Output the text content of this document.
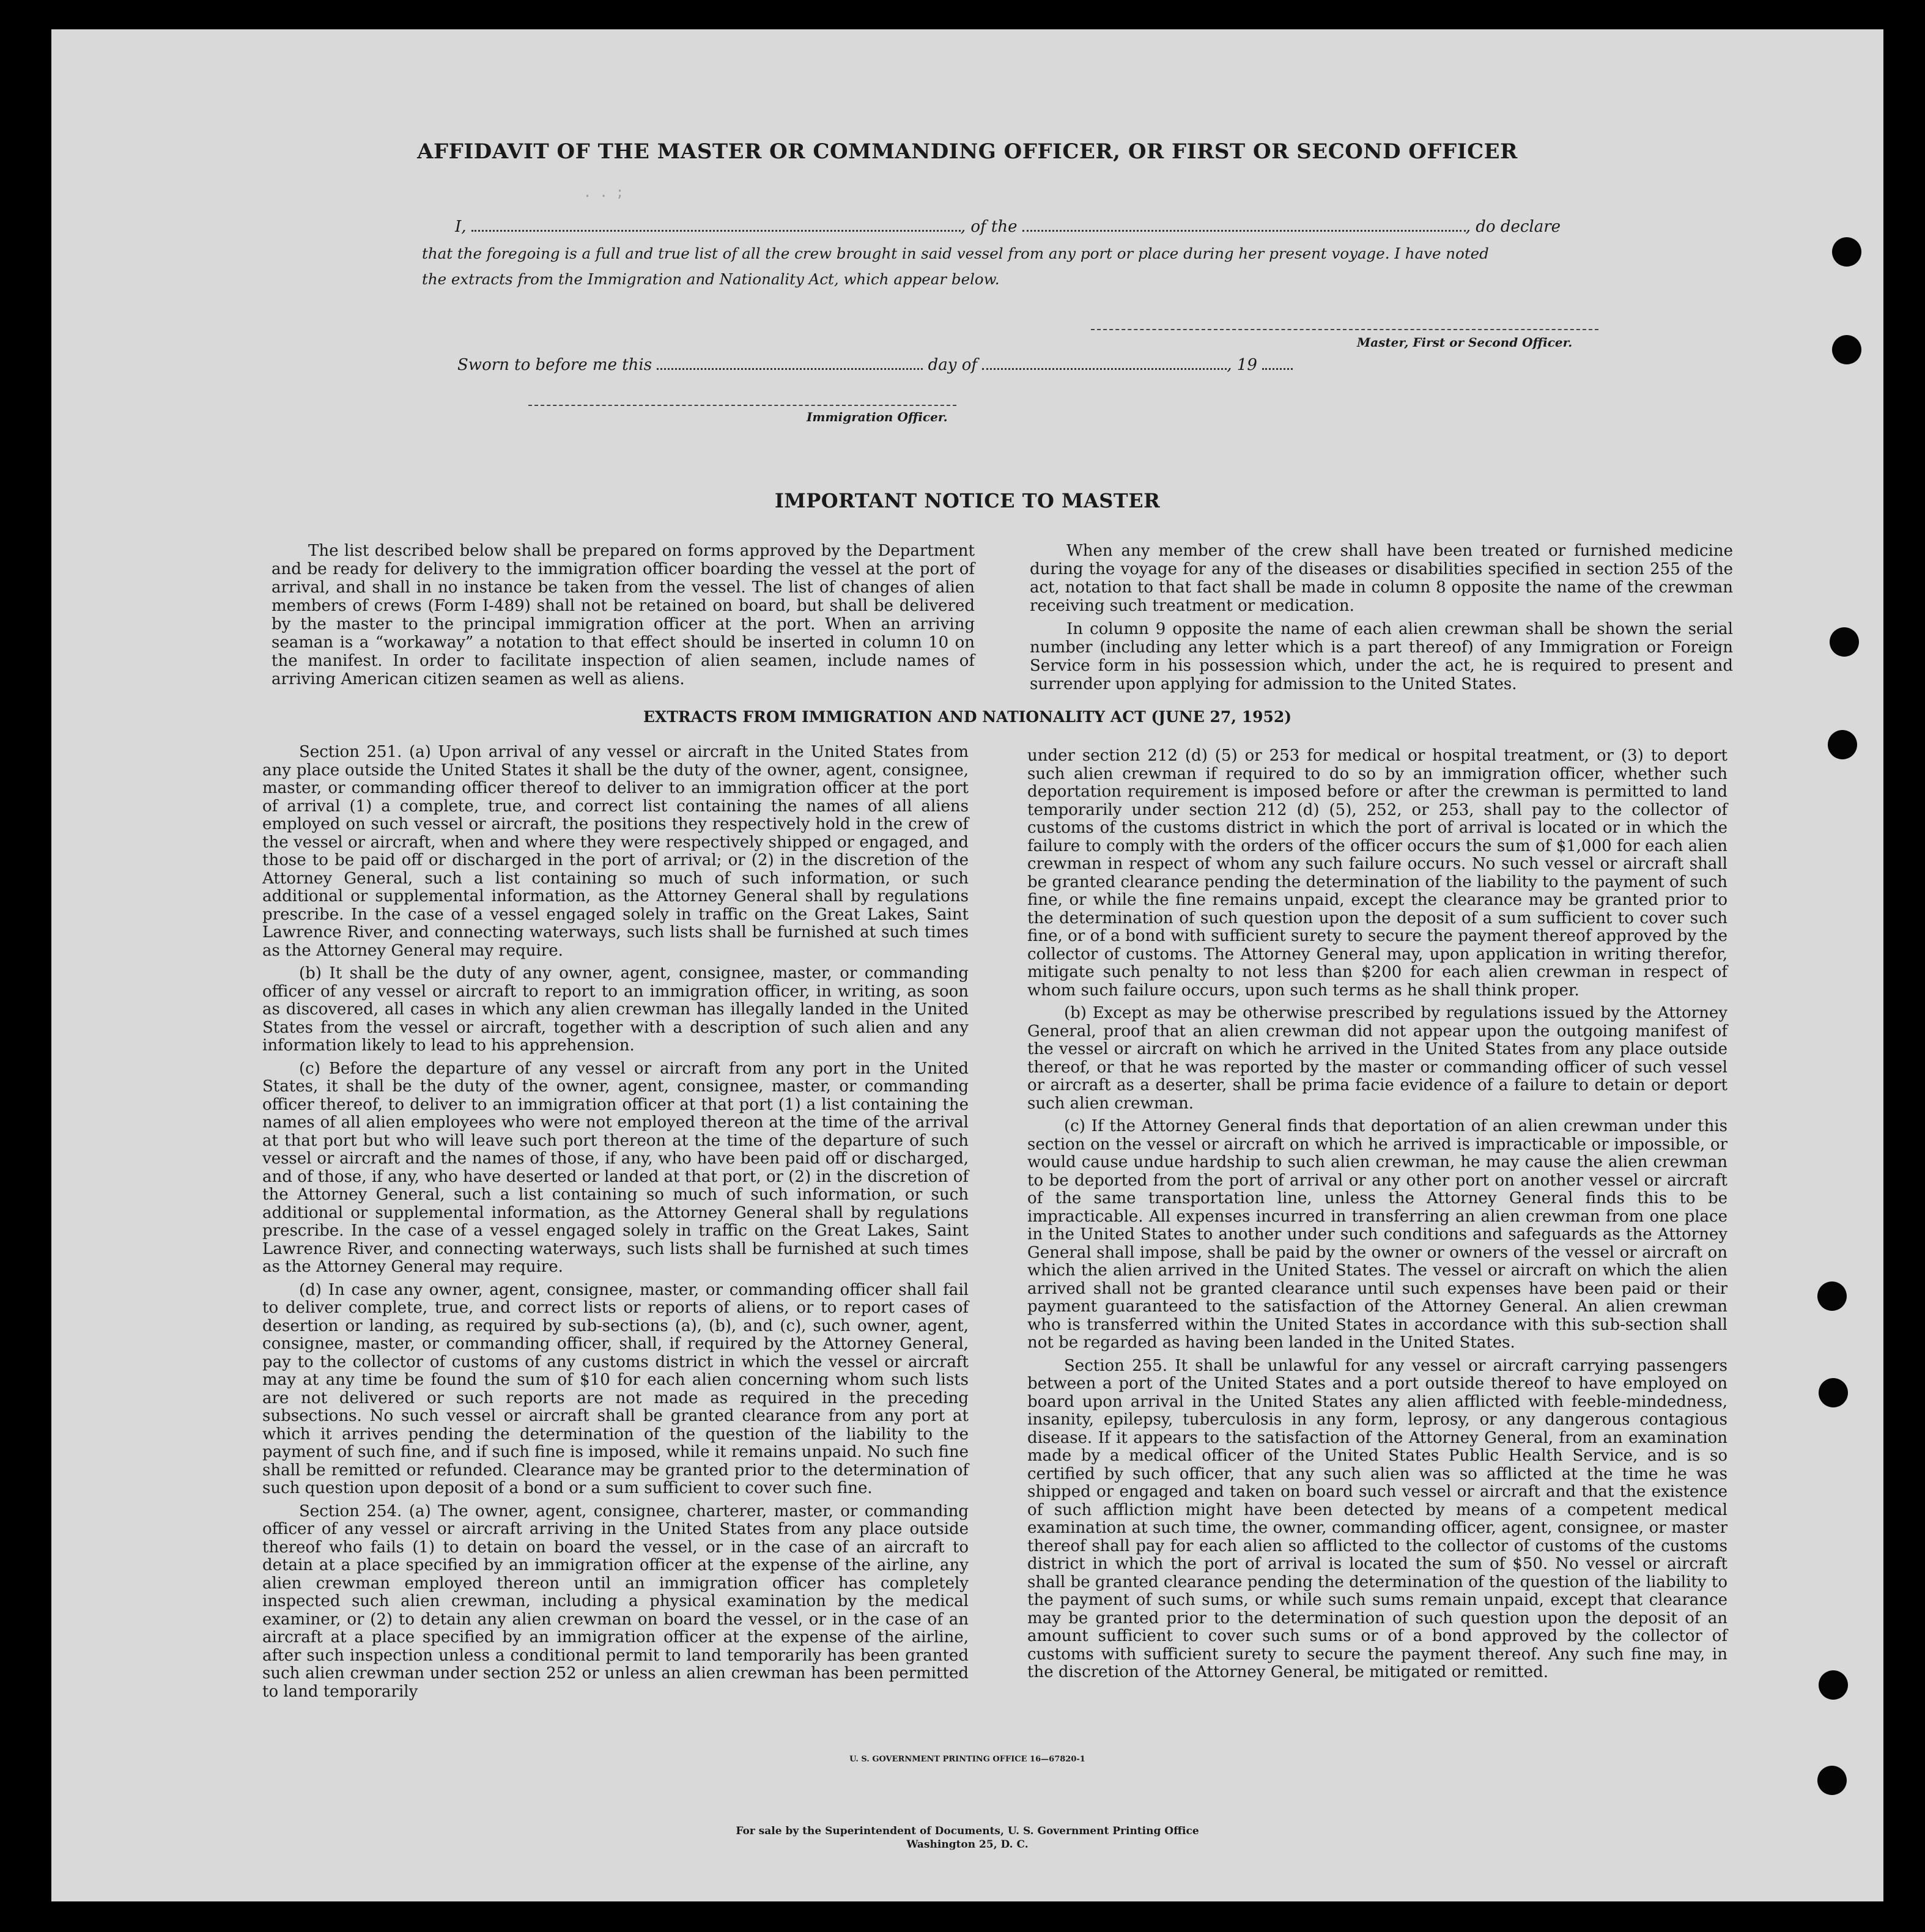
AFFIDAVIT OF THE MASTER OR COMMANDING OFFICER, OR FIRST OR SECOND OFFICER
. . ;
I,	, of the	, do declare
that the foregoing is a full and true list of all the crew brought in said vessel from any port or place during her present voyage. I have noted
the extracts from the Immigration and Nationality Act, which appear below.
Master, First or Second Officer.
Sworn to before me this	day of	, 19
Immigration Officer.
IMPORTANT NOTICE TO MASTER

The list described below shall be prepared on forms approved by the Department and be ready for delivery to the immigration officer boarding the vessel at the port of arrival, and shall in no instance be taken from the vessel. The list of changes of alien members of crews (Form I-489) shall not be retained on board, but shall be delivered by the master to the principal immigration officer at the port. When an arriving seaman is a “workaway” a notation to that effect should be inserted in column 10 on the manifest. In order to facilitate inspection of alien seamen, include names of arriving American citizen seamen as well as aliens.

When any member of the crew shall have been treated or furnished medicine during the voyage for any of the diseases or disabilities specified in section 255 of the act, notation to that fact shall be made in column 8 opposite the name of the crewman receiving such treatment or medication.

In column 9 opposite the name of each alien crewman shall be shown the serial number (including any letter which is a part thereof) of any Immigration or Foreign Service form in his possession which, under the act, he is required to present and surrender upon applying for admission to the United States.

EXTRACTS FROM IMMIGRATION AND NATIONALITY ACT (JUNE 27, 1952)

Section 251. (a) Upon arrival of any vessel or aircraft in the United States from any place outside the United States it shall be the duty of the owner, agent, consignee, master, or commanding officer thereof to deliver to an immigration officer at the port of arrival (1) a complete, true, and correct list containing the names of all aliens employed on such vessel or aircraft, the positions they respectively hold in the crew of the vessel or aircraft, when and where they were respectively shipped or engaged, and those to be paid off or discharged in the port of arrival; or (2) in the discretion of the Attorney General, such a list containing so much of such information, or such additional or supplemental information, as the Attorney General shall by regulations prescribe. In the case of a vessel engaged solely in traffic on the Great Lakes, Saint Lawrence River, and connecting waterways, such lists shall be furnished at such times as the Attorney General may require.

(b) It shall be the duty of any owner, agent, consignee, master, or commanding officer of any vessel or aircraft to report to an immigration officer, in writing, as soon as discovered, all cases in which any alien crewman has illegally landed in the United States from the vessel or aircraft, together with a description of such alien and any information likely to lead to his apprehension.

(c) Before the departure of any vessel or aircraft from any port in the United States, it shall be the duty of the owner, agent, consignee, master, or commanding officer thereof, to deliver to an immigration officer at that port (1) a list containing the names of all alien employees who were not employed thereon at the time of the arrival at that port but who will leave such port thereon at the time of the departure of such vessel or aircraft and the names of those, if any, who have been paid off or discharged, and of those, if any, who have deserted or landed at that port, or (2) in the discretion of the Attorney General, such a list containing so much of such information, or such additional or supplemental information, as the Attorney General shall by regulations prescribe. In the case of a vessel engaged solely in traffic on the Great Lakes, Saint Lawrence River, and connecting waterways, such lists shall be furnished at such times as the Attorney General may require.

(d) In case any owner, agent, consignee, master, or commanding officer shall fail to deliver complete, true, and correct lists or reports of aliens, or to report cases of desertion or landing, as required by sub-sections (a), (b), and (c), such owner, agent, consignee, master, or commanding officer, shall, if required by the Attorney General, pay to the collector of customs of any customs district in which the vessel or aircraft may at any time be found the sum of $10 for each alien concerning whom such lists are not delivered or such reports are not made as required in the preceding subsections. No such vessel or aircraft shall be granted clearance from any port at which it arrives pending the determination of the question of the liability to the payment of such fine, and if such fine is imposed, while it remains unpaid. No such fine shall be remitted or refunded. Clearance may be granted prior to the determination of such question upon deposit of a bond or a sum sufficient to cover such fine.

Section 254. (a) The owner, agent, consignee, charterer, master, or commanding officer of any vessel or aircraft arriving in the United States from any place outside thereof who fails (1) to detain on board the vessel, or in the case of an aircraft to detain at a place specified by an immigration officer at the expense of the airline, any alien crewman employed thereon until an immigration officer has completely inspected such alien crewman, including a physical examination by the medical examiner, or (2) to detain any alien crewman on board the vessel, or in the case of an aircraft at a place specified by an immigration officer at the expense of the airline, after such inspection unless a conditional permit to land temporarily has been granted such alien crewman under section 252 or unless an alien crewman has been permitted to land temporarily

under section 212 (d) (5) or 253 for medical or hospital treatment, or (3) to deport such alien crewman if required to do so by an immigration officer, whether such deportation requirement is imposed before or after the crewman is permitted to land temporarily under section 212 (d) (5), 252, or 253, shall pay to the collector of customs of the customs district in which the port of arrival is located or in which the failure to comply with the orders of the officer occurs the sum of $1,000 for each alien crewman in respect of whom any such failure occurs. No such vessel or aircraft shall be granted clearance pending the determination of the liability to the payment of such fine, or while the fine remains unpaid, except the clearance may be granted prior to the determination of such question upon the deposit of a sum sufficient to cover such fine, or of a bond with sufficient surety to secure the payment thereof approved by the collector of customs. The Attorney General may, upon application in writing therefor, mitigate such penalty to not less than $200 for each alien crewman in respect of whom such failure occurs, upon such terms as he shall think proper.

(b) Except as may be otherwise prescribed by regulations issued by the Attorney General, proof that an alien crewman did not appear upon the outgoing manifest of the vessel or aircraft on which he arrived in the United States from any place outside thereof, or that he was reported by the master or commanding officer of such vessel or aircraft as a deserter, shall be prima facie evidence of a failure to detain or deport such alien crewman.

(c) If the Attorney General finds that deportation of an alien crewman under this section on the vessel or aircraft on which he arrived is impracticable or impossible, or would cause undue hardship to such alien crewman, he may cause the alien crewman to be deported from the port of arrival or any other port on another vessel or aircraft of the same transportation line, unless the Attorney General finds this to be impracticable. All expenses incurred in transferring an alien crewman from one place in the United States to another under such conditions and safeguards as the Attorney General shall impose, shall be paid by the owner or owners of the vessel or aircraft on which the alien arrived in the United States. The vessel or aircraft on which the alien arrived shall not be granted clearance until such expenses have been paid or their payment guaranteed to the satisfaction of the Attorney General. An alien crewman who is transferred within the United States in accordance with this sub-section shall not be regarded as having been landed in the United States.

Section 255. It shall be unlawful for any vessel or aircraft carrying passengers between a port of the United States and a port outside thereof to have employed on board upon arrival in the United States any alien afflicted with feeble-mindedness, insanity, epilepsy, tuberculosis in any form, leprosy, or any dangerous contagious disease. If it appears to the satisfaction of the Attorney General, from an examination made by a medical officer of the United States Public Health Service, and is so certified by such officer, that any such alien was so afflicted at the time he was shipped or engaged and taken on board such vessel or aircraft and that the existence of such affliction might have been detected by means of a competent medical examination at such time, the owner, commanding officer, agent, consignee, or master thereof shall pay for each alien so afflicted to the collector of customs of the customs district in which the port of arrival is located the sum of $50. No vessel or aircraft shall be granted clearance pending the determination of the question of the liability to the payment of such sums, or while such sums remain unpaid, except that clearance may be granted prior to the determination of such question upon the deposit of an amount sufficient to cover such sums or of a bond approved by the collector of customs with sufficient surety to secure the payment thereof. Any such fine may, in the discretion of the Attorney General, be mitigated or remitted.

U. S. GOVERNMENT PRINTING OFFICE 16—67820-1
For sale by the Superintendent of Documents, U. S. Government Printing Office
Washington 25, D. C.
